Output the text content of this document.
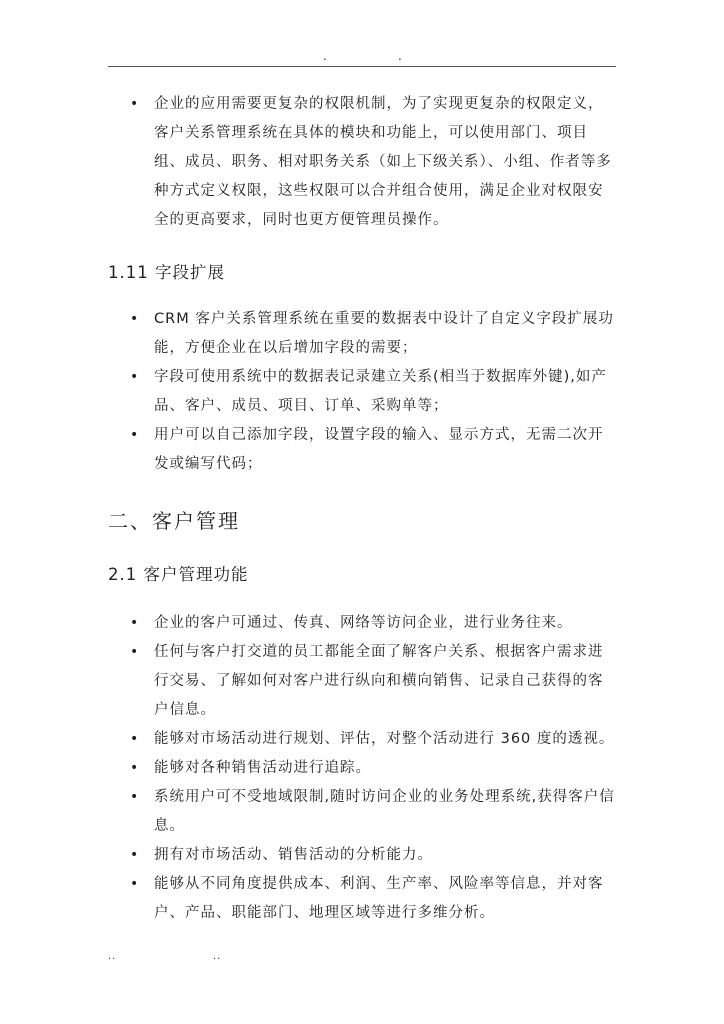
.	.
• 企业的应用需要更复杂的权限机制，为了实现更复杂的权限定义，客户关系管理系统在具体的模块和功能上，可以使用部门、项目组、成员、职务、相对职务关系（如上下级关系）、小组、作者等多种方式定义权限，这些权限可以合并组合使用，满足企业对权限安全的更高要求，同时也更方便管理员操作。
1.11 字段扩展
• CRM 客户关系管理系统在重要的数据表中设计了自定义字段扩展功能，方便企业在以后增加字段的需要；
• 字段可使用系统中的数据表记录建立关系(相当于数据库外键),如产品、客户、成员、项目、订单、采购单等；
• 用户可以自己添加字段，设置字段的输入、显示方式，无需二次开发或编写代码；
二、客户管理
2.1 客户管理功能
• 企业的客户可通过、传真、网络等访问企业，进行业务往来。
• 任何与客户打交道的员工都能全面了解客户关系、根据客户需求进行交易、了解如何对客户进行纵向和横向销售、记录自己获得的客户信息。
• 能够对市场活动进行规划、评估，对整个活动进行 360 度的透视。
• 能够对各种销售活动进行追踪。
• 系统用户可不受地域限制,随时访问企业的业务处理系统,获得客户信息。
• 拥有对市场活动、销售活动的分析能力。
• 能够从不同角度提供成本、利润、生产率、风险率等信息，并对客户、产品、职能部门、地理区域等进行多维分析。
..	..
